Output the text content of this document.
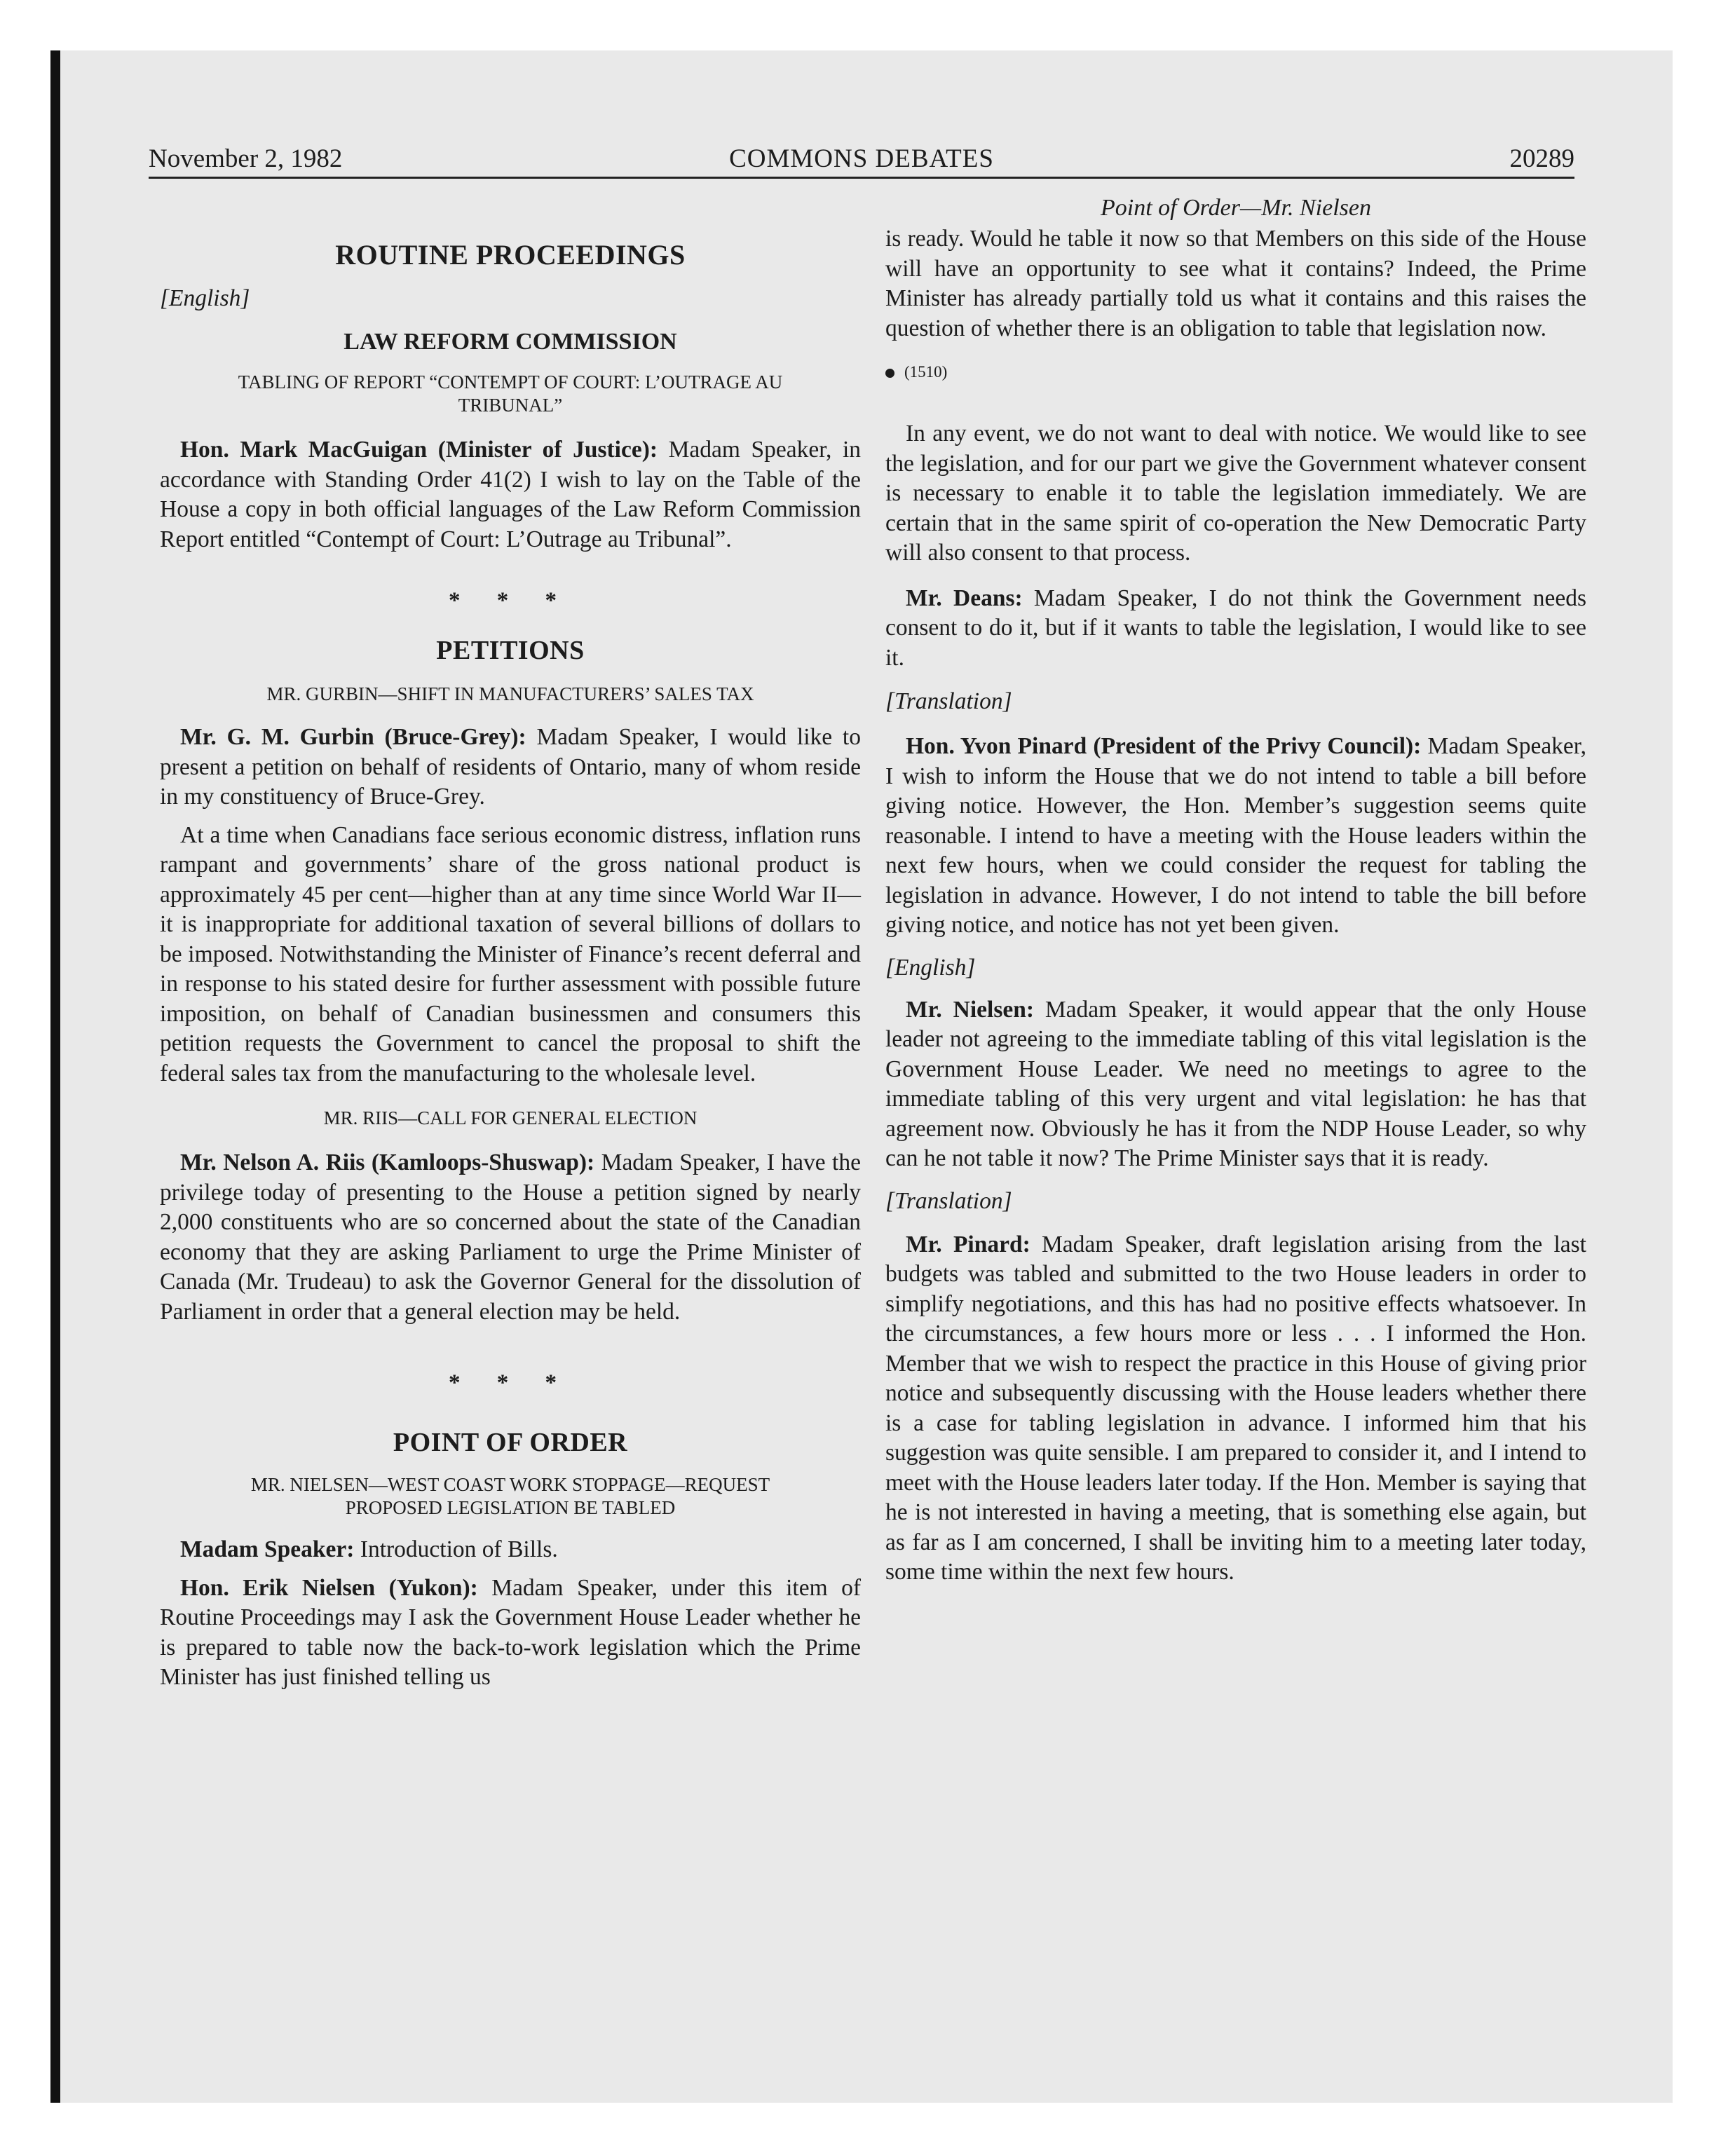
November 2, 1982	COMMONS DEBATES	20289

ROUTINE PROCEEDINGS

[English]

LAW REFORM COMMISSION

TABLING OF REPORT “CONTEMPT OF COURT: L’OUTRAGE AU TRIBUNAL”

Hon. Mark MacGuigan (Minister of Justice): Madam Speaker, in accordance with Standing Order 41(2) I wish to lay on the Table of the House a copy in both official languages of the Law Reform Commission Report entitled “Contempt of Court: L’Outrage au Tribunal”.

* * *

PETITIONS

MR. GURBIN—SHIFT IN MANUFACTURERS’ SALES TAX

Mr. G. M. Gurbin (Bruce-Grey): Madam Speaker, I would like to present a petition on behalf of residents of Ontario, many of whom reside in my constituency of Bruce-Grey.

At a time when Canadians face serious economic distress, inflation runs rampant and governments’ share of the gross national product is approximately 45 per cent—higher than at any time since World War II—it is inappropriate for additional taxation of several billions of dollars to be imposed. Notwithstanding the Minister of Finance’s recent deferral and in response to his stated desire for further assessment with possible future imposition, on behalf of Canadian businessmen and consumers this petition requests the Government to cancel the proposal to shift the federal sales tax from the manufacturing to the wholesale level.

MR. RIIS—CALL FOR GENERAL ELECTION

Mr. Nelson A. Riis (Kamloops-Shuswap): Madam Speaker, I have the privilege today of presenting to the House a petition signed by nearly 2,000 constituents who are so concerned about the state of the Canadian economy that they are asking Parliament to urge the Prime Minister of Canada (Mr. Trudeau) to ask the Governor General for the dissolution of Parliament in order that a general election may be held.

* * *

POINT OF ORDER

MR. NIELSEN—WEST COAST WORK STOPPAGE—REQUEST PROPOSED LEGISLATION BE TABLED

Madam Speaker: Introduction of Bills.

Hon. Erik Nielsen (Yukon): Madam Speaker, under this item of Routine Proceedings may I ask the Government House Leader whether he is prepared to table now the back-to-work legislation which the Prime Minister has just finished telling us

Point of Order—Mr. Nielsen

is ready. Would he table it now so that Members on this side of the House will have an opportunity to see what it contains? Indeed, the Prime Minister has already partially told us what it contains and this raises the question of whether there is an obligation to table that legislation now.

(1510)

In any event, we do not want to deal with notice. We would like to see the legislation, and for our part we give the Government whatever consent is necessary to enable it to table the legislation immediately. We are certain that in the same spirit of co-operation the New Democratic Party will also consent to that process.

Mr. Deans: Madam Speaker, I do not think the Government needs consent to do it, but if it wants to table the legislation, I would like to see it.

[Translation]

Hon. Yvon Pinard (President of the Privy Council): Madam Speaker, I wish to inform the House that we do not intend to table a bill before giving notice. However, the Hon. Member’s suggestion seems quite reasonable. I intend to have a meeting with the House leaders within the next few hours, when we could consider the request for tabling the legislation in advance. However, I do not intend to table the bill before giving notice, and notice has not yet been given.

[English]

Mr. Nielsen: Madam Speaker, it would appear that the only House leader not agreeing to the immediate tabling of this vital legislation is the Government House Leader. We need no meetings to agree to the immediate tabling of this very urgent and vital legislation: he has that agreement now. Obviously he has it from the NDP House Leader, so why can he not table it now? The Prime Minister says that it is ready.

[Translation]

Mr. Pinard: Madam Speaker, draft legislation arising from the last budgets was tabled and submitted to the two House leaders in order to simplify negotiations, and this has had no positive effects whatsoever. In the circumstances, a few hours more or less . . . I informed the Hon. Member that we wish to respect the practice in this House of giving prior notice and subsequently discussing with the House leaders whether there is a case for tabling legislation in advance. I informed him that his suggestion was quite sensible. I am prepared to consider it, and I intend to meet with the House leaders later today. If the Hon. Member is saying that he is not interested in having a meeting, that is something else again, but as far as I am concerned, I shall be inviting him to a meeting later today, some time within the next few hours.
